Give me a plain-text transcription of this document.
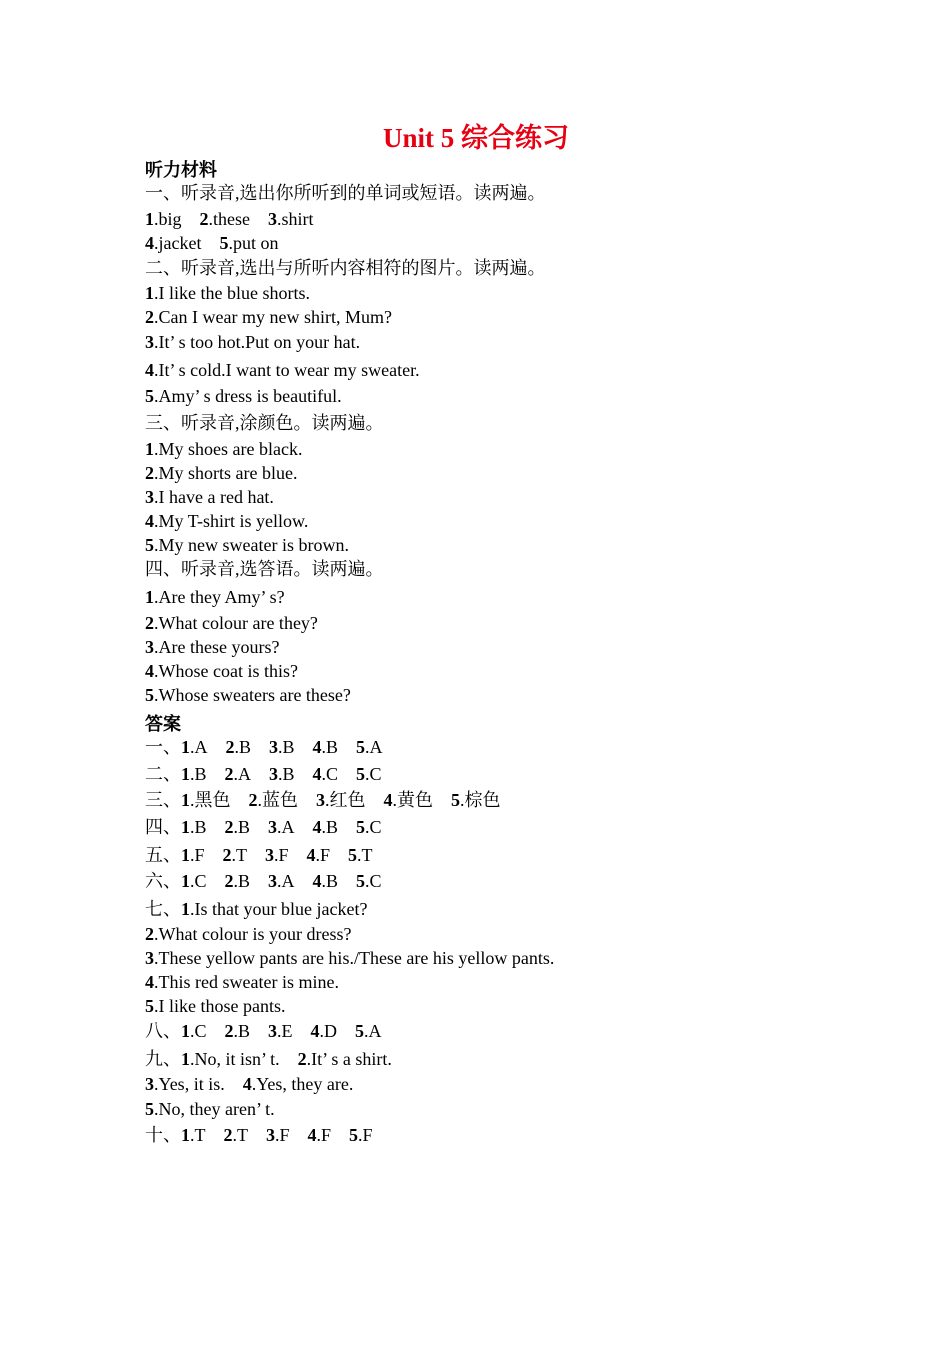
Unit 5 综合练习
听力材料
一、听录音,选出你所听到的单词或短语。读两遍。
1.big 2.these 3.shirt
4.jacket 5.put on
二、听录音,选出与所听内容相符的图片。读两遍。
1.I like the blue shorts.
2.Can I wear my new shirt, Mum?
3.It’ s too hot.Put on your hat.
4.It’ s cold.I want to wear my sweater.
5.Amy’ s dress is beautiful.
三、听录音,涂颜色。读两遍。
1.My shoes are black.
2.My shorts are blue.
3.I have a red hat.
4.My T-shirt is yellow.
5.My new sweater is brown.
四、听录音,选答语。读两遍。
1.Are they Amy’ s?
2.What colour are they?
3.Are these yours?
4.Whose coat is this?
5.Whose sweaters are these?
答案
一、1.A 2.B 3.B 4.B 5.A
二、1.B 2.A 3.B 4.C 5.C
三、1.黑色 2.蓝色 3.红色 4.黄色 5.棕色
四、1.B 2.B 3.A 4.B 5.C
五、1.F 2.T 3.F 4.F 5.T
六、1.C 2.B 3.A 4.B 5.C
七、1.Is that your blue jacket?
2.What colour is your dress?
3.These yellow pants are his./These are his yellow pants.
4.This red sweater is mine.
5.I like those pants.
八、1.C 2.B 3.E 4.D 5.A
九、1.No, it isn’ t. 2.It’ s a shirt.
3.Yes, it is. 4.Yes, they are.
5.No, they aren’ t.
十、1.T 2.T 3.F 4.F 5.F
